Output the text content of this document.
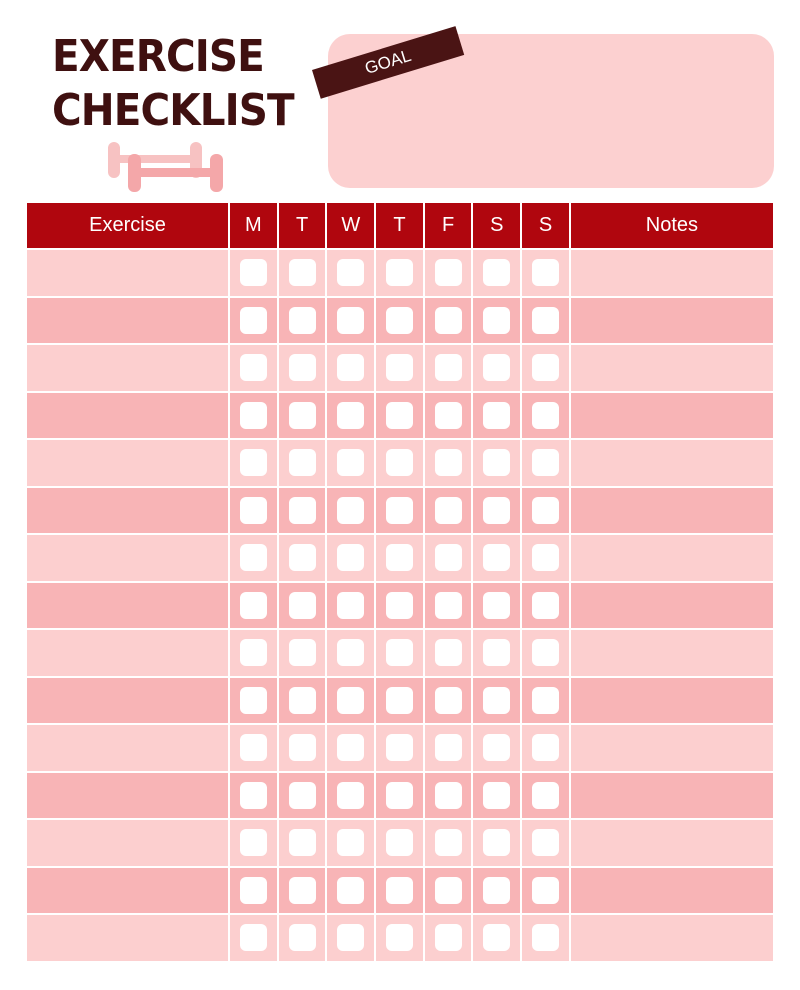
EXERCISE
CHECKLIST
GOAL
Exercise	M	T	W	T	F	S	S	Notes
